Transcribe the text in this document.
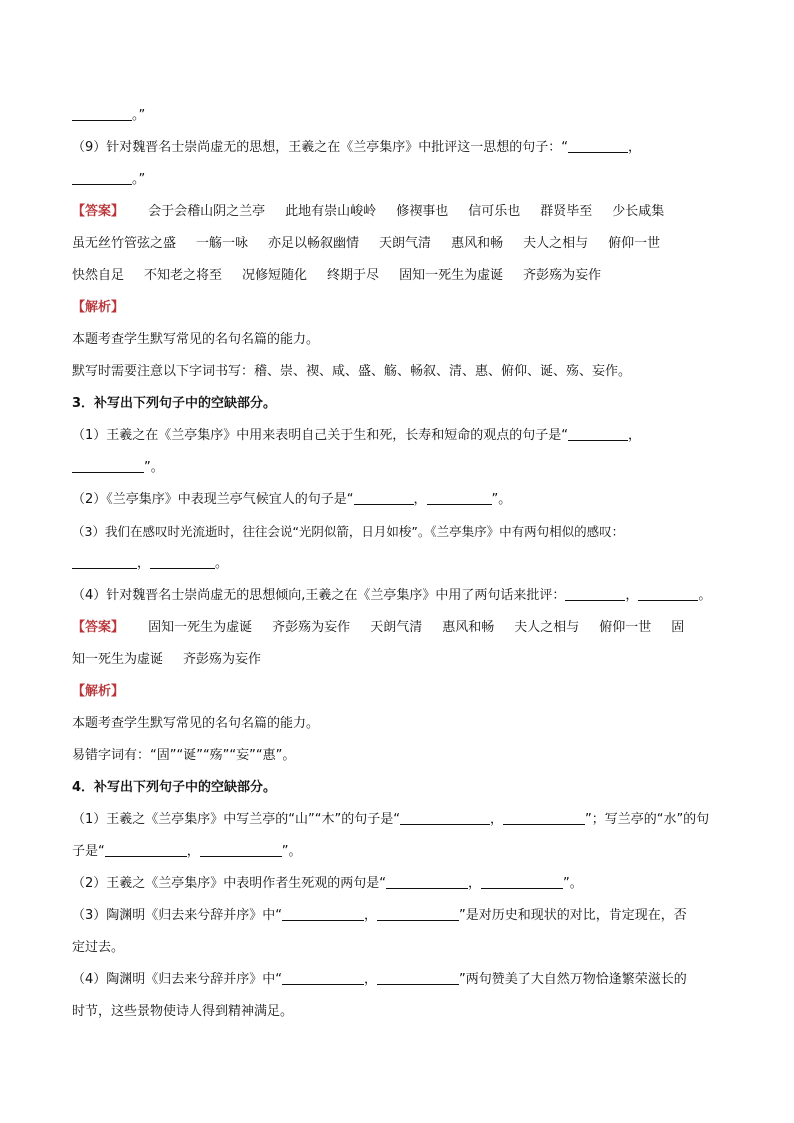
。”
（9）针对魏晋名士崇尚虚无的思想，王羲之在《兰亭集序》中批评这一思想的句子：“	，
。”
【答案】 会于会稽山阴之兰亭 此地有崇山峻岭 修禊事也 信可乐也 群贤毕至 少长咸集
虽无丝竹管弦之盛 一觞一咏 亦足以畅叙幽情 天朗气清 惠风和畅 夫人之相与 俯仰一世
快然自足 不知老之将至 况修短随化 终期于尽 固知一死生为虚诞 齐彭殇为妄作
【解析】
本题考查学生默写常见的名句名篇的能力。
默写时需要注意以下字词书写：稽、崇、禊、咸、盛、觞、畅叙、清、惠、俯仰、诞、殇、妄作。
3．补写出下列句子中的空缺部分。
（1）王羲之在《兰亭集序》中用来表明自己关于生和死，长寿和短命的观点的句子是“	，
”。
（2）《兰亭集序》中表现兰亭气候宜人的句子是“	，	”。
（3）我们在感叹时光流逝时，往往会说“光阴似箭，日月如梭”。《兰亭集序》中有两句相似的感叹：
，	。
（4）针对魏晋名士崇尚虚无的思想倾向,王羲之在《兰亭集序》中用了两句话来批评：	，	。
【答案】 固知一死生为虚诞 齐彭殇为妄作 天朗气清 惠风和畅 夫人之相与 俯仰一世 固
知一死生为虚诞 齐彭殇为妄作
【解析】
本题考查学生默写常见的名句名篇的能力。
易错字词有：“固”“诞”“殇”“妄”“惠”。
4．补写出下列句子中的空缺部分。
（1）王羲之《兰亭集序》中写兰亭的“山”“木”的句子是“	，	”；写兰亭的“水”的句
子是“	，	”。
（2）王羲之《兰亭集序》中表明作者生死观的两句是“	，	”。
（3）陶渊明《归去来兮辞并序》中“	，	”是对历史和现状的对比，肯定现在，否
定过去。
（4）陶渊明《归去来兮辞并序》中“	，	”两句赞美了大自然万物恰逢繁荣滋长的
时节，这些景物使诗人得到精神满足。
